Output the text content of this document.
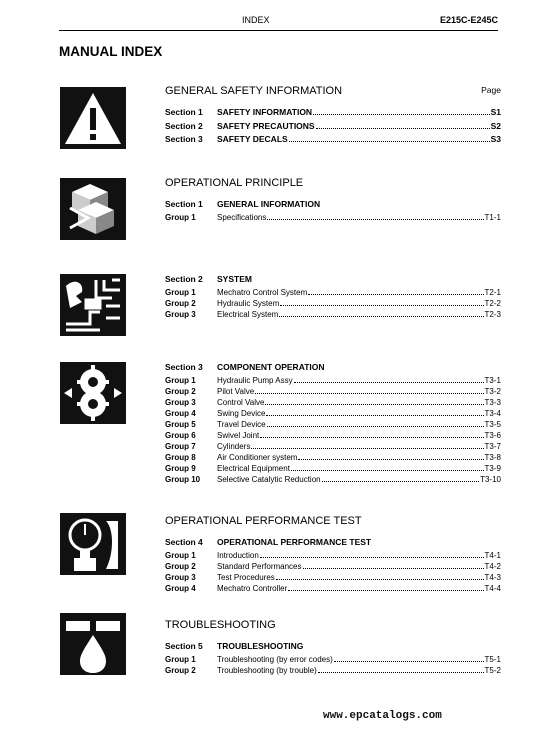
INDEX	E215C-E245C
MANUAL INDEX
GENERAL SAFETY INFORMATION	Page
Section 1	SAFETY INFORMATION	S1
Section 2	SAFETY PRECAUTIONS	S2
Section 3	SAFETY DECALS	S3
OPERATIONAL PRINCIPLE
Section 1	GENERAL INFORMATION
Group 1	Specifications	T1-1
Section 2	SYSTEM
Group 1	Mechatro Control System	T2-1
Group 2	Hydraulic System	T2-2
Group 3	Electrical System	T2-3
Section 3	COMPONENT OPERATION
Group 1	Hydraulic Pump Assy	T3-1
Group 2	Pilot Valve	T3-2
Group 3	Control Valve	T3-3
Group 4	Swing Device	T3-4
Group 5	Travel Device	T3-5
Group 6	Swivel Joint	T3-6
Group 7	Cylinders	T3-7
Group 8	Air Conditioner system	T3-8
Group 9	Electrical Equipment	T3-9
Group 10	Selective Catalytic Reduction	T3-10
OPERATIONAL PERFORMANCE TEST
Section 4	OPERATIONAL PERFORMANCE TEST
Group 1	Introduction	T4-1
Group 2	Standard Performances	T4-2
Group 3	Test Procedures	T4-3
Group 4	Mechatro Controller	T4-4
TROUBLESHOOTING
Section 5	TROUBLESHOOTING
Group 1	Troubleshooting (by error codes)	T5-1
Group 2	Troubleshooting (by trouble)	T5-2
www.epcatalogs.com
